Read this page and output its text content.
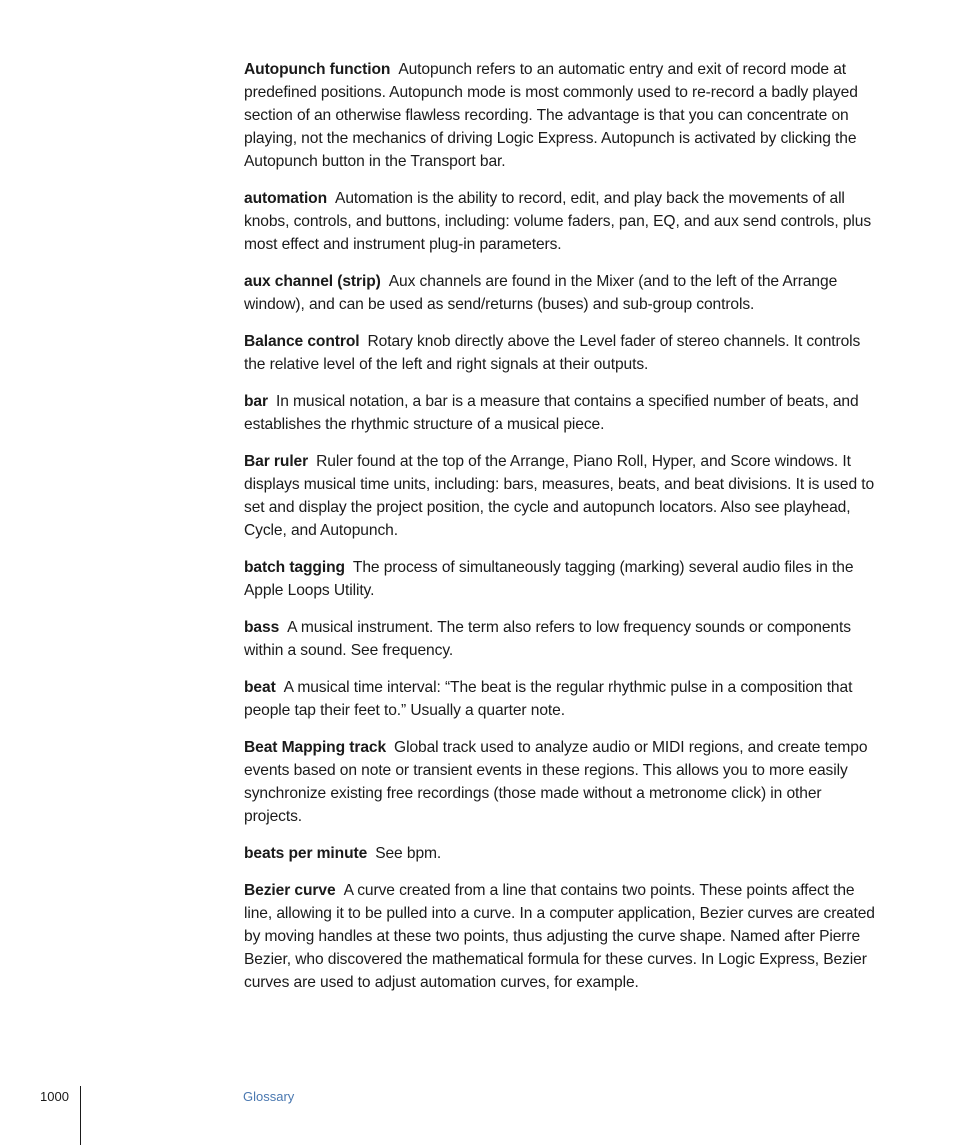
Autopunch function Autopunch refers to an automatic entry and exit of record mode at predefined positions. Autopunch mode is most commonly used to re-record a badly played section of an otherwise flawless recording. The advantage is that you can concentrate on playing, not the mechanics of driving Logic Express. Autopunch is activated by clicking the Autopunch button in the Transport bar.

automation Automation is the ability to record, edit, and play back the movements of all knobs, controls, and buttons, including: volume faders, pan, EQ, and aux send controls, plus most effect and instrument plug-in parameters.

aux channel (strip) Aux channels are found in the Mixer (and to the left of the Arrange window), and can be used as send/returns (buses) and sub-group controls.

Balance control Rotary knob directly above the Level fader of stereo channels. It controls the relative level of the left and right signals at their outputs.

bar In musical notation, a bar is a measure that contains a specified number of beats, and establishes the rhythmic structure of a musical piece.

Bar ruler Ruler found at the top of the Arrange, Piano Roll, Hyper, and Score windows. It displays musical time units, including: bars, measures, beats, and beat divisions. It is used to set and display the project position, the cycle and autopunch locators. Also see playhead, Cycle, and Autopunch.

batch tagging The process of simultaneously tagging (marking) several audio files in the Apple Loops Utility.

bass A musical instrument. The term also refers to low frequency sounds or components within a sound. See frequency.

beat A musical time interval: “The beat is the regular rhythmic pulse in a composition that people tap their feet to.” Usually a quarter note.

Beat Mapping track Global track used to analyze audio or MIDI regions, and create tempo events based on note or transient events in these regions. This allows you to more easily synchronize existing free recordings (those made without a metronome click) in other projects.

beats per minute See bpm.

Bezier curve A curve created from a line that contains two points. These points affect the line, allowing it to be pulled into a curve. In a computer application, Bezier curves are created by moving handles at these two points, thus adjusting the curve shape. Named after Pierre Bezier, who discovered the mathematical formula for these curves. In Logic Express, Bezier curves are used to adjust automation curves, for example.

1000	Glossary
